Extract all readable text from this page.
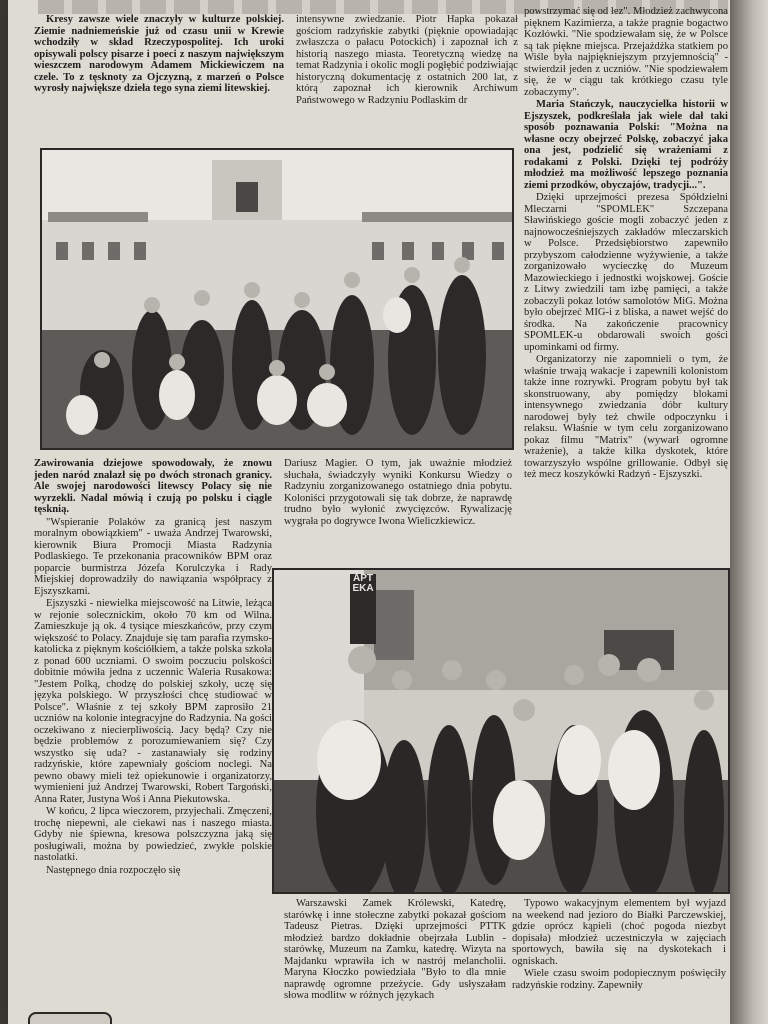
Kresy zawsze wiele znaczyły w kulturze polskiej. Ziemie nadniemeńskie już od czasu unii w Krewie wchodziły w skład Rzeczypospolitej. Ich uroki opisywali polscy pisarze i poeci z naszym największym wieszczem narodowym Adamem Mickiewiczem na czele. To z tęsknoty za Ojczyzną, z marzeń o Polsce wyrosły największe dzieła tego syna ziemi litewskiej.

intensywne zwiedzanie. Piotr Hapka pokazał gościom radzyńskie zabytki (pięknie opowiadając zwłaszcza o pałacu Potockich) i zapoznał ich z historią naszego miasta. Teoretyczną wiedzę na temat Radzynia i okolic mogli pogłębić podziwiając historyczną dokumentację z ostatnich 200 lat, z którą zapoznał ich kierownik Archiwum Państwowego w Radzyniu Podlaskim dr

powstrzymać się od łez". Młodzież zachwycona pięknem Kazimierza, a także pragnie bogactwo Kozłówki. "Nie spodziewałam się, że w Polsce są tak piękne miejsca. Przejażdżka statkiem po Wiśle była najpiękniejszym przyjemnością" - stwierdził jeden z uczniów. "Nie spodziewałem się, że w ciągu tak krótkiego czasu tyle zobaczymy".

Maria Stańczyk, nauczycielka historii w Ejszyszek, podkreślała jak wiele dał taki sposób poznawania Polski: "Można na własne oczy obejrzeć Polskę, zobaczyć jaka ona jest, podzielić się wrażeniami z rodakami z Polski. Dzięki tej podróży młodzież ma możliwość lepszego poznania ziemi przodków, obyczajów, tradycji...".

Dzięki uprzejmości prezesa Spółdzielni Mleczarni "SPOMLEK" Szczepana Sławińskiego goście mogli zobaczyć jeden z najnowocześniejszych zakładów mleczarskich w Polsce. Przedsiębiorstwo zapewniło przybyszom całodzienne wyżywienie, a także zorganizowało wycieczkę do Muzeum Mazowieckiego i jednostki wojskowej. Goście z Litwy zwiedzili tam izbę pamięci, a także zobaczyli pokaz lotów samolotów MiG. Można było obejrzeć MIG-i z bliska, a nawet wejść do środka. Na zakończenie pracownicy SPOMLEK-u obdarowali swoich gości upominkami od firmy.

Organizatorzy nie zapomnieli o tym, że właśnie trwają wakacje i zapewnili kolonistom także inne rozrywki. Program pobytu był tak skonstruowany, aby pomiędzy blokami intensywnego zwiedzania dóbr kultury narodowej były też chwile odpoczynku i relaksu. Właśnie w tym celu zorganizowano pokaz filmu "Matrix" (wywarł ogromne wrażenie), a także kilka dyskotek, które towarzyszyło wspólne grillowanie. Odbył się też mecz koszykówki Radzyń - Ejszyszki.

Zawirowania dziejowe spowodowały, że znowu jeden naród znalazł się po dwóch stronach granicy. Ale swojej narodowości litewscy Polacy się nie wyrzekli. Nadal mówią i czują po polsku i ciągle tęsknią.

"Wspieranie Polaków za granicą jest naszym moralnym obowiązkiem" - uważa Andrzej Twarowski, kierownik Biura Promocji Miasta Radzynia Podlaskiego. Te przekonania pracowników BPM oraz poparcie burmistrza Józefa Korulczyka i Rady Miejskiej doprowadziły do nawiązania współpracy z Ejszyszkami.

Ejszyszki - niewielka miejscowość na Litwie, leżąca w rejonie solecznickim, około 70 km od Wilna. Zamieszkuje ją ok. 4 tysiące mieszkańców, przy czym większość to Polacy. Znajduje się tam parafia rzymsko-katolicka z pięknym kościółkiem, a także polska szkoła z ponad 600 uczniami. O swoim poczuciu polskości dobitnie mówiła jedna z uczennic Waleria Rusakowa: "Jestem Polką, chodzę do polskiej szkoły, uczę się języka polskiego. W przyszłości chcę studiować w Polsce". Właśnie z tej szkoły BPM zaprosiło 21 uczniów na kolonie integracyjne do Radzynia. Na gości oczekiwano z niecierpliwością. Jacy będą? Czy nie będzie problemów z porozumiewaniem się? Czy wszystko się uda? - zastanawiały się rodziny radzyńskie, które zapewniały gościom noclegi. Na pewno obawy mieli też opiekunowie i organizatorzy, wymienieni już Andrzej Twarowski, Robert Targoński, Anna Rater, Justyna Woś i Anna Piekutowska.

W końcu, 2 lipca wieczorem, przyjechali. Zmęczeni, trochę niepewni, ale ciekawi nas i naszego miasta. Gdyby nie śpiewna, kresowa polszczyzna jaką się posługiwali, można by powiedzieć, zwykłe polskie nastolatki.

Następnego dnia rozpoczęło się

Dariusz Magier. O tym, jak uważnie młodzież słuchała, świadczyły wyniki Konkursu Wiedzy o Radzyniu zorganizowanego ostatniego dnia pobytu. Koloniści przygotowali się tak dobrze, że naprawdę trudno było wyłonić zwycięzców. Rywalizację wygrała po dogrywce Iwona Wieliczkiewicz.

APTEKA

Warszawski Zamek Królewski, Katedrę, starówkę i inne stołeczne zabytki pokazał gościom Tadeusz Pietras. Dzięki uprzejmości PTTK młodzież bardzo dokładnie obejrzała Lublin - starówkę, Muzeum na Zamku, katedrę. Wizyta na Majdanku wprawiła ich w nastrój melancholii. Maryna Kłoczko powiedziała "Było to dla mnie naprawdę ogromne przeżycie. Gdy usłyszałam słowa modlitw w różnych językach

Typowo wakacyjnym elementem był wyjazd na weekend nad jezioro do Białki Parczewskiej, gdzie oprócz kąpieli (choć pogoda niezbyt dopisała) młodzież uczestniczyła w zajęciach sportowych, bawiła się na dyskotekach i ogniskach.

Wiele czasu swoim podopiecznym poświęciły radzyńskie rodziny. Zapewniły
